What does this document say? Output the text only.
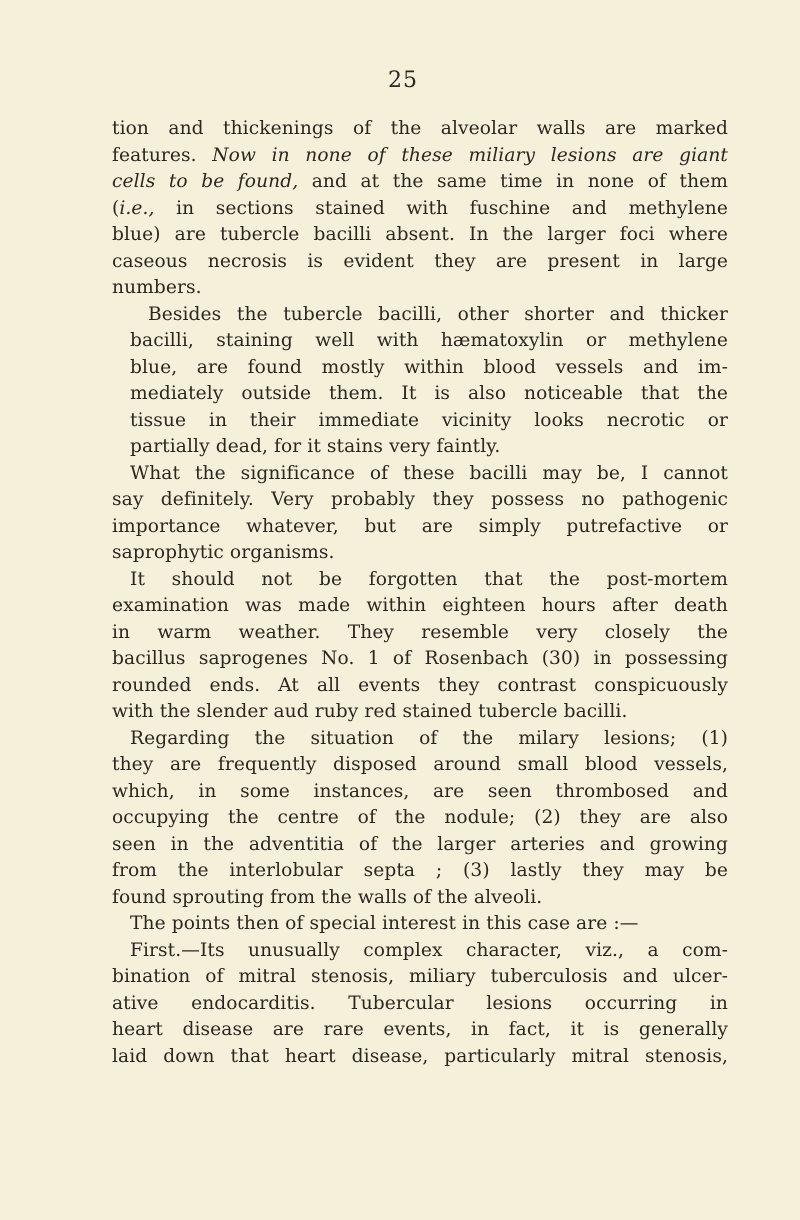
25

tion and thickenings of the alveolar walls are marked
features. Now in none of these miliary lesions are giant
cells to be found, and at the same time in none of them
(i.e., in sections stained with fuschine and methylene
blue) are tubercle bacilli absent. In the larger foci where
caseous necrosis is evident they are present in large
numbers.

Besides the tubercle bacilli, other shorter and thicker
bacilli, staining well with hæmatoxylin or methylene
blue, are found mostly within blood vessels and im-
mediately outside them. It is also noticeable that the
tissue in their immediate vicinity looks necrotic or
partially dead, for it stains very faintly.

What the significance of these bacilli may be, I cannot
say definitely. Very probably they possess no pathogenic
importance whatever, but are simply putrefactive or
saprophytic organisms.

It should not be forgotten that the post-mortem
examination was made within eighteen hours after death
in warm weather. They resemble very closely the
bacillus saprogenes No. 1 of Rosenbach (30) in possessing
rounded ends. At all events they contrast conspicuously
with the slender aud ruby red stained tubercle bacilli.

Regarding the situation of the milary lesions; (1)
they are frequently disposed around small blood vessels,
which, in some instances, are seen thrombosed and
occupying the centre of the nodule; (2) they are also
seen in the adventitia of the larger arteries and growing
from the interlobular septa ; (3) lastly they may be
found sprouting from the walls of the alveoli.

The points then of special interest in this case are :—

First.—Its unusually complex character, viz., a com-
bination of mitral stenosis, miliary tuberculosis and ulcer-
ative endocarditis. Tubercular lesions occurring in
heart disease are rare events, in fact, it is generally
laid down that heart disease, particularly mitral stenosis,
